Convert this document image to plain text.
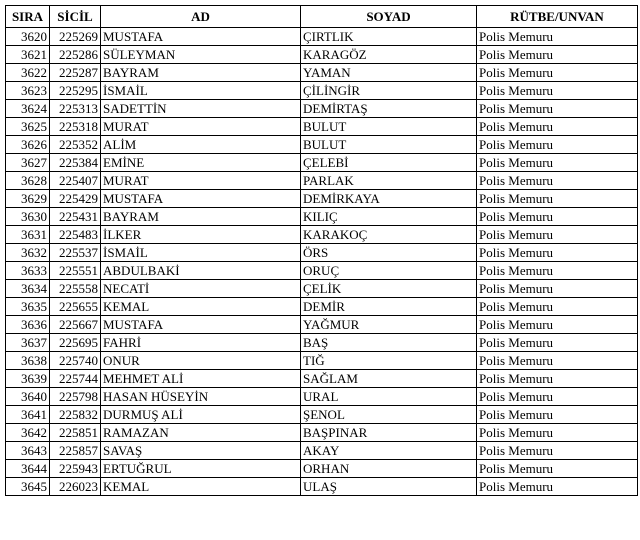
SIRA	SİCİL	AD	SOYAD	RÜTBE/UNVAN
3620	225269	MUSTAFA	ÇIRTLIK	Polis Memuru
3621	225286	SÜLEYMAN	KARAGÖZ	Polis Memuru
3622	225287	BAYRAM	YAMAN	Polis Memuru
3623	225295	İSMAİL	ÇİLİNGİR	Polis Memuru
3624	225313	SADETTİN	DEMİRTAŞ	Polis Memuru
3625	225318	MURAT	BULUT	Polis Memuru
3626	225352	ALİM	BULUT	Polis Memuru
3627	225384	EMİNE	ÇELEBİ	Polis Memuru
3628	225407	MURAT	PARLAK	Polis Memuru
3629	225429	MUSTAFA	DEMİRKAYA	Polis Memuru
3630	225431	BAYRAM	KILIÇ	Polis Memuru
3631	225483	İLKER	KARAKOÇ	Polis Memuru
3632	225537	İSMAİL	ÖRS	Polis Memuru
3633	225551	ABDULBAKİ	ORUÇ	Polis Memuru
3634	225558	NECATİ	ÇELİK	Polis Memuru
3635	225655	KEMAL	DEMİR	Polis Memuru
3636	225667	MUSTAFA	YAĞMUR	Polis Memuru
3637	225695	FAHRİ	BAŞ	Polis Memuru
3638	225740	ONUR	TIĞ	Polis Memuru
3639	225744	MEHMET ALİ	SAĞLAM	Polis Memuru
3640	225798	HASAN HÜSEYİN	URAL	Polis Memuru
3641	225832	DURMUŞ ALİ	ŞENOL	Polis Memuru
3642	225851	RAMAZAN	BAŞPINAR	Polis Memuru
3643	225857	SAVAŞ	AKAY	Polis Memuru
3644	225943	ERTUĞRUL	ORHAN	Polis Memuru
3645	226023	KEMAL	ULAŞ	Polis Memuru
